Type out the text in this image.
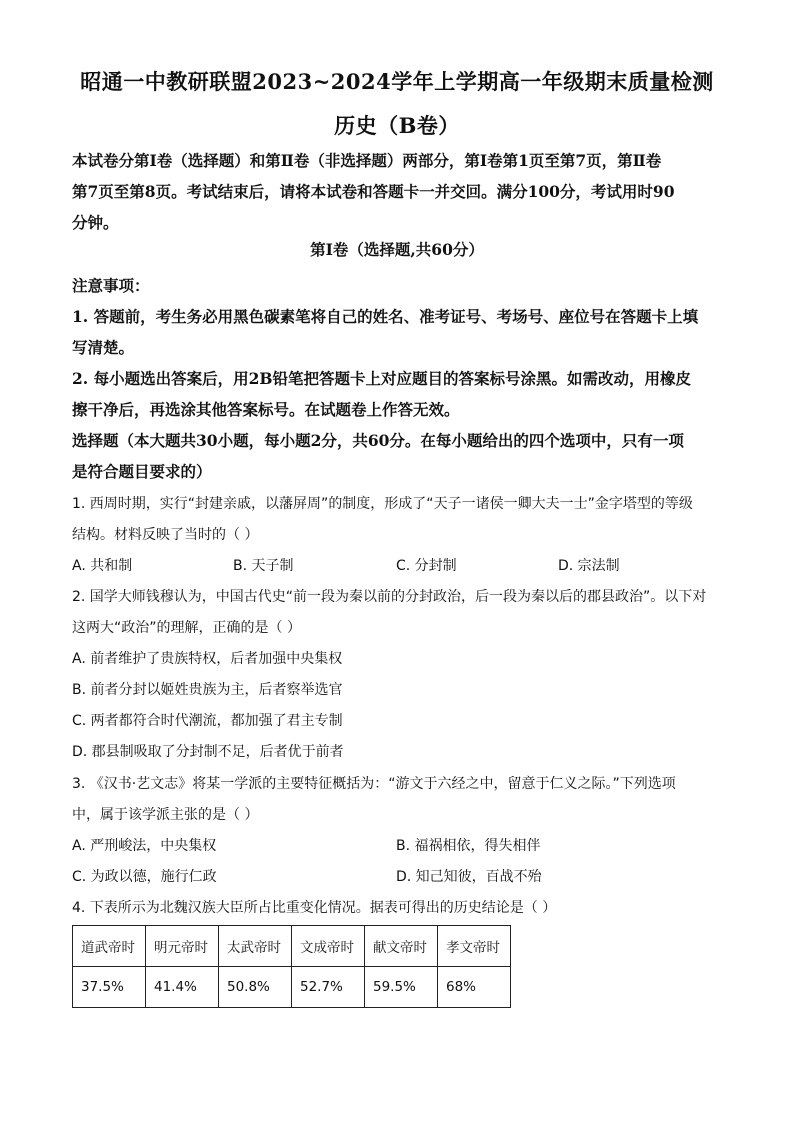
昭通一中教研联盟2023~2024学年上学期高一年级期末质量检测
历史（B卷）
本试卷分第Ⅰ卷（选择题）和第Ⅱ卷（非选择题）两部分，第Ⅰ卷第1页至第7页，第Ⅱ卷
第7页至第8页。考试结束后，请将本试卷和答题卡一并交回。满分100分，考试用时90
分钟。
第Ⅰ卷（选择题,共60分）
注意事项：
1. 答题前，考生务必用黑色碳素笔将自己的姓名、准考证号、考场号、座位号在答题卡上填
写清楚。
2. 每小题选出答案后，用2B铅笔把答题卡上对应题目的答案标号涂黑。如需改动，用橡皮
擦干净后，再选涂其他答案标号。在试题卷上作答无效。
选择题（本大题共30小题，每小题2分，共60分。在每小题给出的四个选项中，只有一项
是符合题目要求的）
1. 西周时期，实行“封建亲戚，以藩屏周”的制度，形成了“天子一诸侯一卿大夫一士”金字塔型的等级
结构。材料反映了当时的（ ）
A. 共和制	B. 天子制	C. 分封制	D. 宗法制
2. 国学大师钱穆认为，中国古代史“前一段为秦以前的分封政治，后一段为秦以后的郡县政治”。以下对
这两大“政治”的理解，正确的是（ ）
A. 前者维护了贵族特权，后者加强中央集权
B. 前者分封以姬姓贵族为主，后者察举选官
C. 两者都符合时代潮流，都加强了君主专制
D. 郡县制吸取了分封制不足，后者优于前者
3. 《汉书·艺文志》将某一学派的主要特征概括为：“游文于六经之中，留意于仁义之际。”下列选项
中，属于该学派主张的是（ ）
A. 严刑峻法，中央集权	B. 福祸相依，得失相伴
C. 为政以德，施行仁政	D. 知己知彼，百战不殆
4. 下表所示为北魏汉族大臣所占比重变化情况。据表可得出的历史结论是（ ）
道武帝时	明元帝时	太武帝时	文成帝时	献文帝时	孝文帝时
37.5%	41.4%	50.8%	52.7%	59.5%	68%
